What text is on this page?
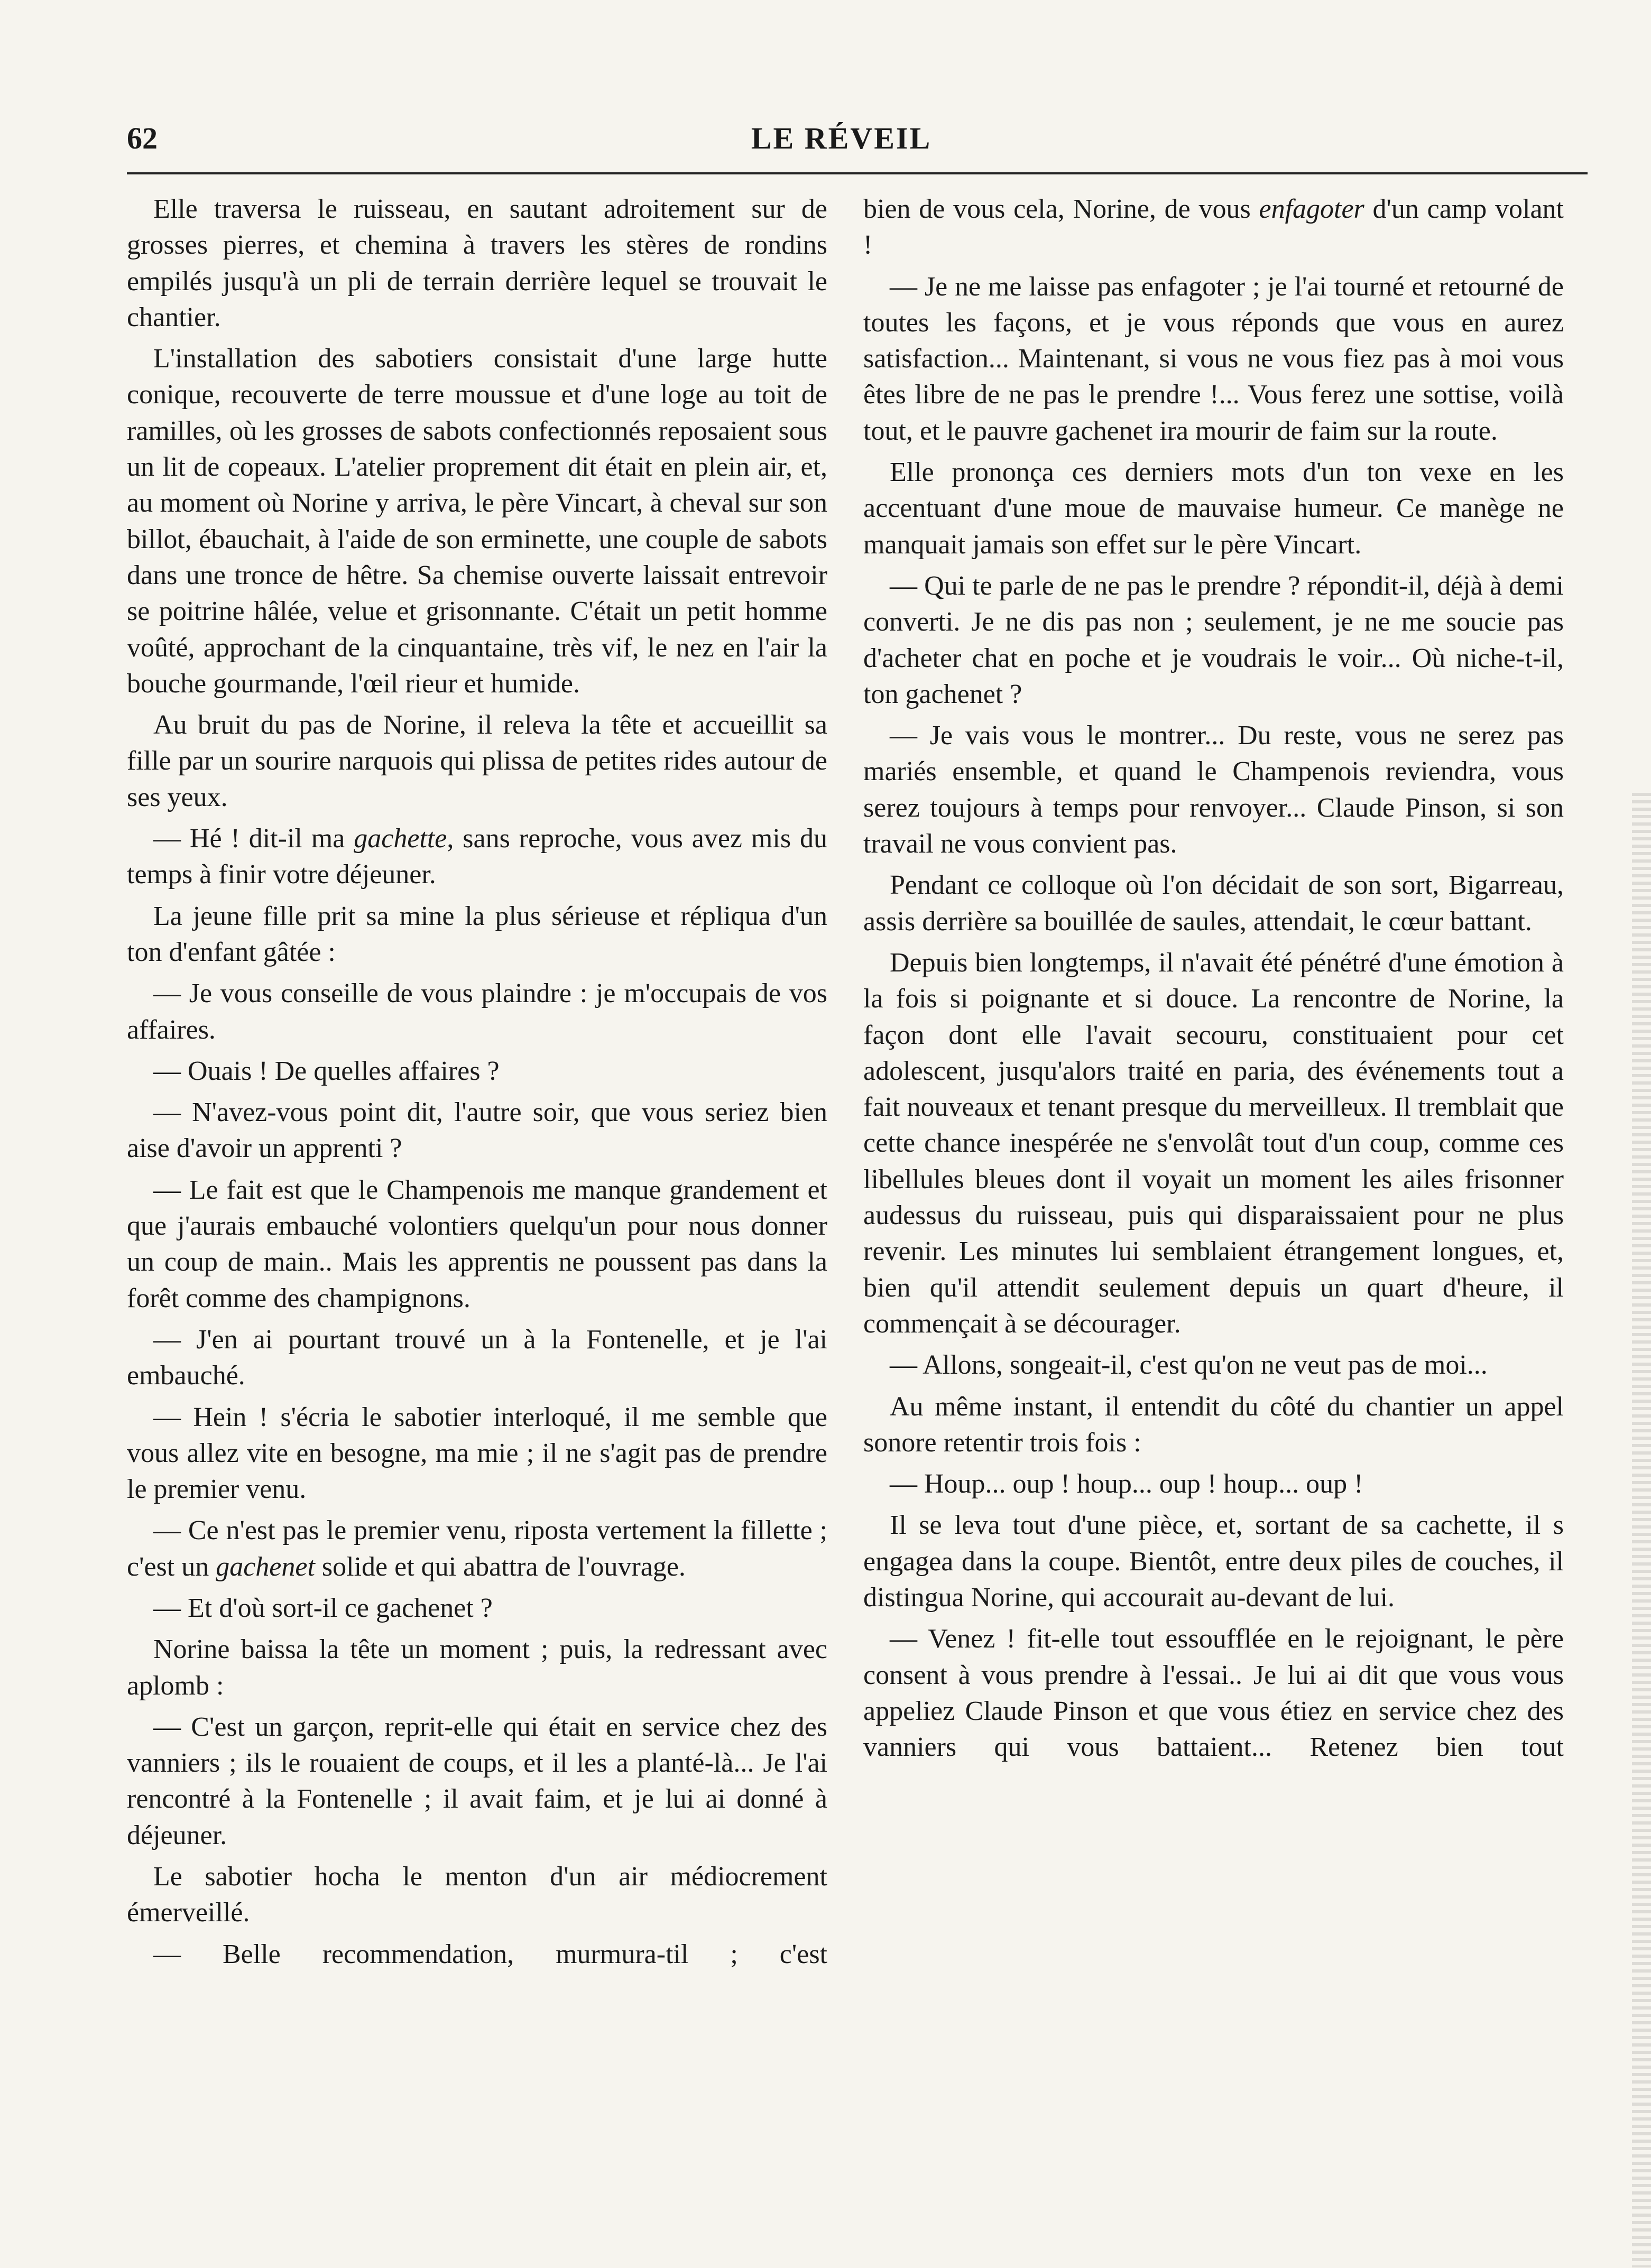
62	LE RÉVEIL

Elle traversa le ruisseau, en sautant adroitement sur de grosses pierres, et chemina à travers les stères de rondins empilés jusqu'à un pli de terrain derrière lequel se trouvait le chantier.

L'installation des sabotiers consistait d'une large hutte conique, recouverte de terre moussue et d'une loge au toit de ramilles, où les grosses de sabots confectionnés reposaient sous un lit de copeaux. L'atelier proprement dit était en plein air, et, au moment où Norine y arriva, le père Vincart, à cheval sur son billot, ébauchait, à l'aide de son erminette, une couple de sabots dans une tronce de hêtre. Sa chemise ouverte laissait entrevoir se poitrine hâlée, velue et grisonnante. C'était un petit homme voûté, approchant de la cinquantaine, très vif, le nez en l'air la bouche gourmande, l'œil rieur et humide.

Au bruit du pas de Norine, il releva la tête et accueillit sa fille par un sourire narquois qui plissa de petites rides autour de ses yeux.

— Hé ! dit-il ma gachette, sans reproche, vous avez mis du temps à finir votre déjeuner.

La jeune fille prit sa mine la plus sérieuse et répliqua d'un ton d'enfant gâtée :

— Je vous conseille de vous plaindre : je m'occupais de vos affaires.

— Ouais ! De quelles affaires ?

— N'avez-vous point dit, l'autre soir, que vous seriez bien aise d'avoir un apprenti ?

— Le fait est que le Champenois me manque grandement et que j'aurais embauché volontiers quelqu'un pour nous donner un coup de main.. Mais les apprentis ne poussent pas dans la forêt comme des champignons.

— J'en ai pourtant trouvé un à la Fontenelle, et je l'ai embauché.

— Hein ! s'écria le sabotier interloqué, il me semble que vous allez vite en besogne, ma mie ; il ne s'agit pas de prendre le premier venu.

— Ce n'est pas le premier venu, riposta vertement la fillette ; c'est un gachenet solide et qui abattra de l'ouvrage.

— Et d'où sort-il ce gachenet ?

Norine baissa la tête un moment ; puis, la redressant avec aplomb :

— C'est un garçon, reprit-elle qui était en service chez des vanniers ; ils le rouaient de coups, et il les a planté-là... Je l'ai rencontré à la Fontenelle ; il avait faim, et je lui ai donné à déjeuner.

Le sabotier hocha le menton d'un air médiocrement émerveillé.

— Belle recommendation, murmura-til ; c'est

bien de vous cela, Norine, de vous enfagoter d'un camp volant !

— Je ne me laisse pas enfagoter ; je l'ai tourné et retourné de toutes les façons, et je vous réponds que vous en aurez satisfaction... Maintenant, si vous ne vous fiez pas à moi vous êtes libre de ne pas le prendre !... Vous ferez une sottise, voilà tout, et le pauvre gachenet ira mourir de faim sur la route.

Elle prononça ces derniers mots d'un ton vexe en les accentuant d'une moue de mauvaise humeur. Ce manège ne manquait jamais son effet sur le père Vincart.

— Qui te parle de ne pas le prendre ? répondit-il, déjà à demi converti. Je ne dis pas non ; seulement, je ne me soucie pas d'acheter chat en poche et je voudrais le voir... Où niche-t-il, ton gachenet ?

— Je vais vous le montrer... Du reste, vous ne serez pas mariés ensemble, et quand le Champenois reviendra, vous serez toujours à temps pour renvoyer... Claude Pinson, si son travail ne vous convient pas.

Pendant ce colloque où l'on décidait de son sort, Bigarreau, assis derrière sa bouillée de saules, attendait, le cœur battant.

Depuis bien longtemps, il n'avait été pénétré d'une émotion à la fois si poignante et si douce. La rencontre de Norine, la façon dont elle l'avait secouru, constituaient pour cet adolescent, jusqu'alors traité en paria, des événements tout a fait nouveaux et tenant presque du merveilleux. Il tremblait que cette chance inespérée ne s'envolât tout d'un coup, comme ces libellules bleues dont il voyait un moment les ailes frisonner audessus du ruisseau, puis qui disparaissaient pour ne plus revenir. Les minutes lui semblaient étrangement longues, et, bien qu'il attendit seulement depuis un quart d'heure, il commençait à se décourager.

— Allons, songeait-il, c'est qu'on ne veut pas de moi...

Au même instant, il entendit du côté du chantier un appel sonore retentir trois fois :

— Houp... oup ! houp... oup ! houp... oup !

Il se leva tout d'une pièce, et, sortant de sa cachette, il s engagea dans la coupe. Bientôt, entre deux piles de couches, il distingua Norine, qui accourait au-devant de lui.

— Venez ! fit-elle tout essoufflée en le rejoignant, le père consent à vous prendre à l'essai.. Je lui ai dit que vous vous appeliez Claude Pinson et que vous étiez en service chez des vanniers qui vous battaient... Retenez bien tout
